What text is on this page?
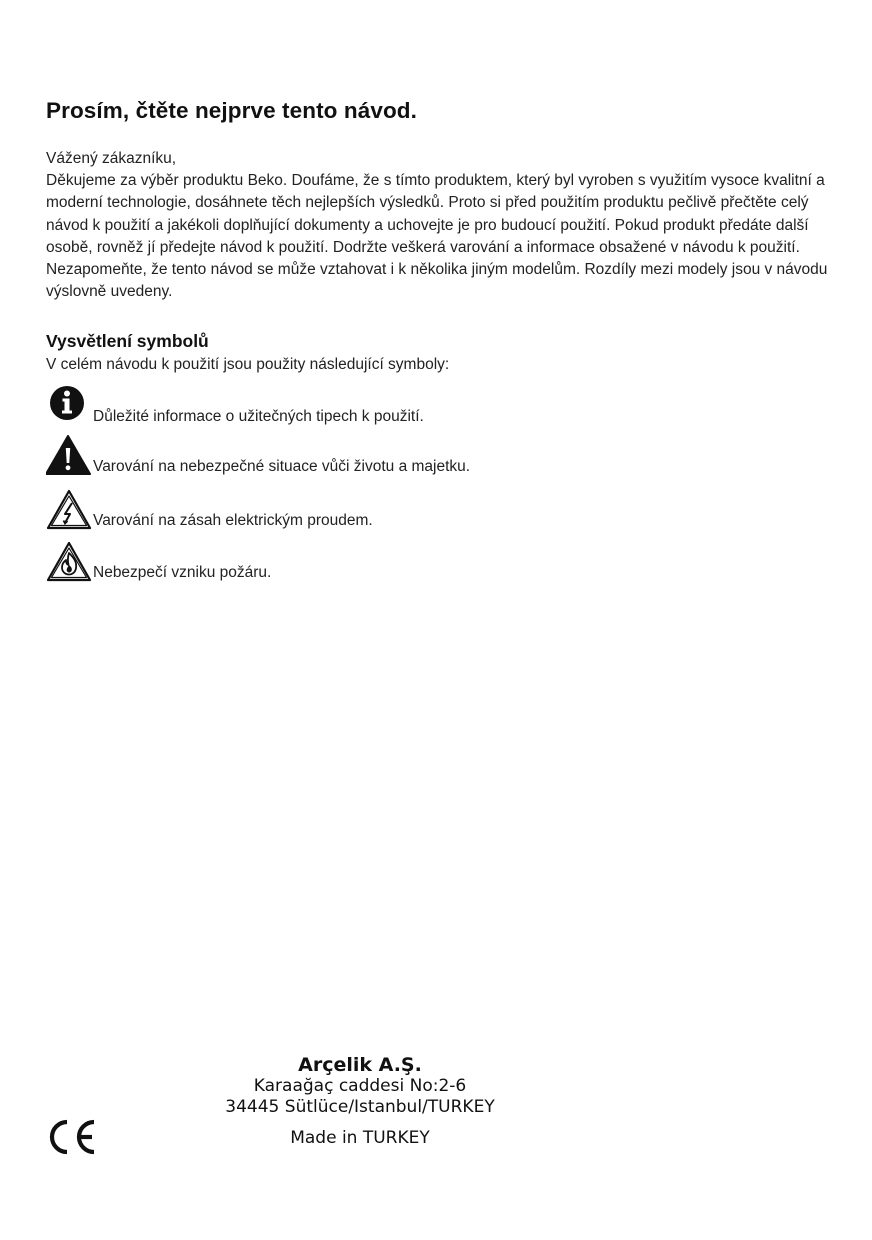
Prosím, čtěte nejprve tento návod.

Vážený zákazníku,

Děkujeme za výběr produktu Beko. Doufáme, že s tímto produktem, který byl vyroben s využitím vysoce kvalitní a moderní technologie, dosáhnete těch nejlepších výsledků. Proto si před použitím produktu pečlivě přečtěte celý návod k použití a jakékoli doplňující dokumenty a uchovejte je pro budoucí použití. Pokud produkt předáte další osobě, rovněž jí předejte návod k použití. Dodržte veškerá varování a informace obsažené v návodu k použití.

Nezapomeňte, že tento návod se může vztahovat i k několika jiným modelům. Rozdíly mezi modely jsou v návodu výslovně uvedeny.

Vysvětlení symbolů

V celém návodu k použití jsou použity následující symboly:

Důležité informace o užitečných tipech k použití.
Varování na nebezpečné situace vůči životu a majetku.
Varování na zásah elektrickým proudem.
Nebezpečí vzniku požáru.
Arçelik A.Ş.
Karaağaç caddesi No:2-6
34445 Sütlüce/Istanbul/TURKEY
Made in TURKEY
